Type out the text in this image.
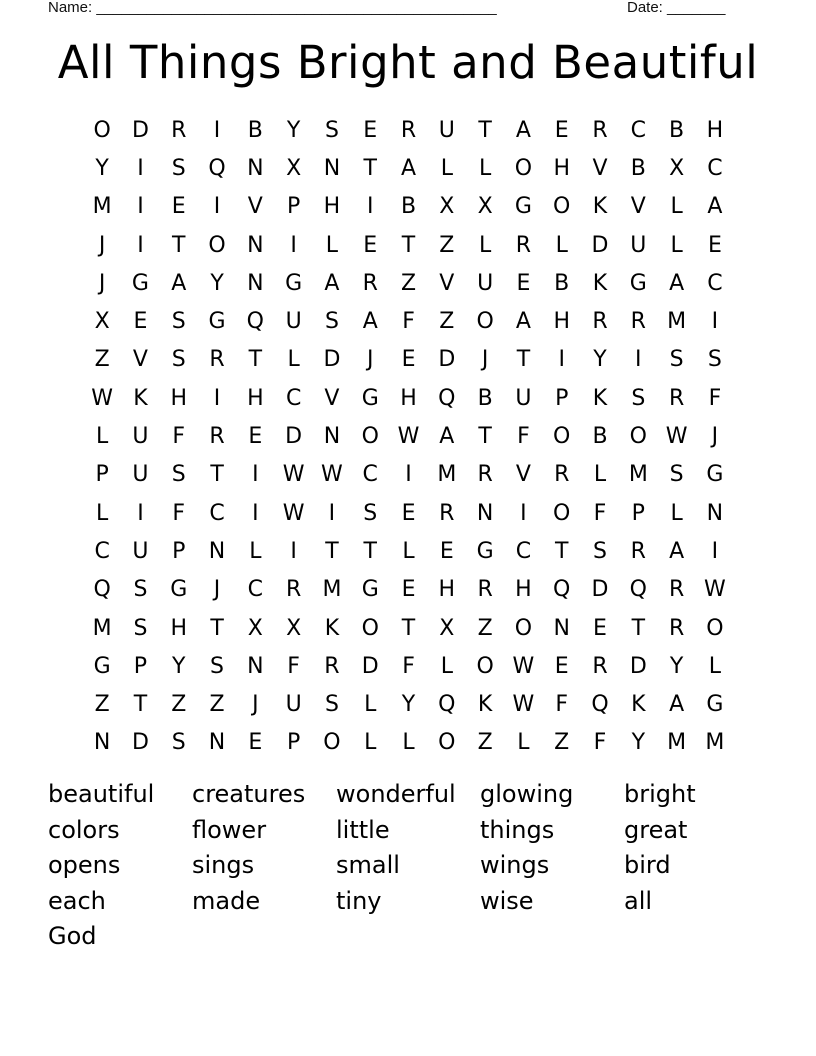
Name: ________________________________________________	Date: _______
All Things Bright and Beautiful
O D	R	I	B	Y	S	E	R	U	T	A	E	R	C	B	H
Y	I	S	Q N	X	N	T	A	L	L	O H	V	B	X	C
M	I	E	I	V	P	H	I	B	X	X	G O	K	V	L	A
J	I	T	O N	I	L	E	T	Z	L	R	L	D U	L	E
J	G	A	Y	N G	A	R	Z	V	U	E	B	K	G	A	C
X	E	S	G Q U	S	A	F	Z	O	A	H	R	R M	I
Z	V	S	R	T	L	D	J	E	D	J	T	I	Y	I	S	S
W K	H	I	H	C	V	G H Q	B	U	P	K	S	R	F
L	U	F	R	E	D N O W A	T	F	O	B	O W	J
P	U	S	T	I	W W C	I	M R	V	R	L	M S	G
L	I	F	C	I	W	I	S	E	R	N	I	O	F	P	L	N
C	U	P	N	L	I	T	T	L	E	G	C	T	S	R	A	I
Q	S	G	J	C	R M G	E	H	R	H Q D Q R W
M S	H	T	X	X	K	O	T	X	Z	O N	E	T	R O
G	P	Y	S	N	F	R	D	F	L	O W E	R	D	Y	L
Z	T	Z	Z	J	U	S	L	Y	Q	K W F	Q	K	A	G
N D	S	N	E	P	O	L	L	O	Z	L	Z	F	Y	M M
beautiful	creatures	wonderful	glowing	bright
colors	flower	little	things	great
opens	sings	small	wings	bird
each	made	tiny	wise	all
God
